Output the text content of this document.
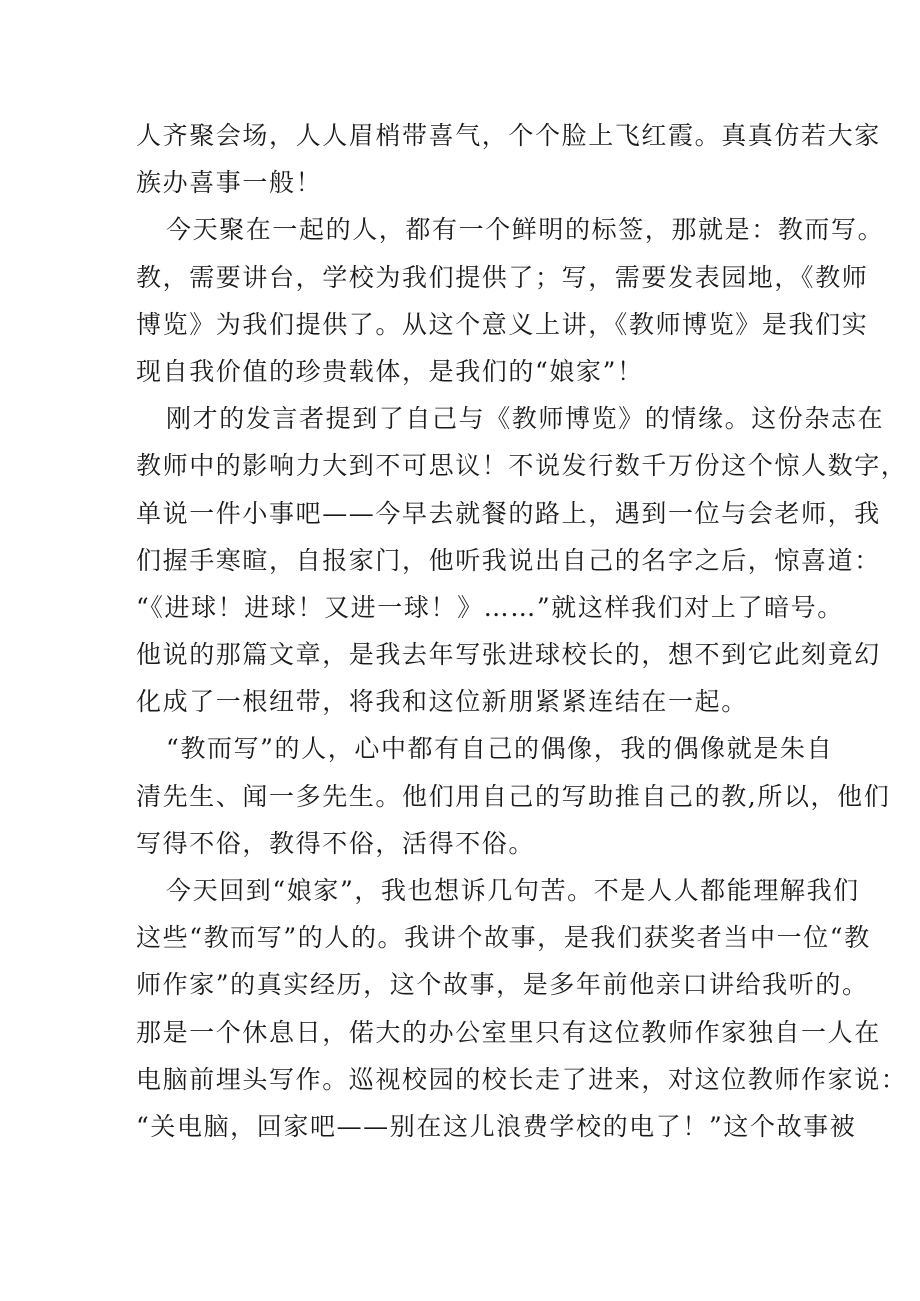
人齐聚会场，人人眉梢带喜气，个个脸上飞红霞。真真仿若大家
族办喜事一般！
今天聚在一起的人，都有一个鲜明的标签，那就是：教而写。
教，需要讲台，学校为我们提供了；写，需要发表园地，《教师
博览》为我们提供了。从这个意义上讲，《教师博览》是我们实
现自我价值的珍贵载体，是我们的“娘家”！
刚才的发言者提到了自己与《教师博览》的情缘。这份杂志在
教师中的影响力大到不可思议！不说发行数千万份这个惊人数字，
单说一件小事吧——今早去就餐的路上，遇到一位与会老师，我
们握手寒暄，自报家门，他听我说出自己的名字之后，惊喜道：
“《进球！进球！又进一球！》……”就这样我们对上了暗号。
他说的那篇文章，是我去年写张进球校长的，想不到它此刻竟幻
化成了一根纽带，将我和这位新朋紧紧连结在一起。
“教而写”的人，心中都有自己的偶像，我的偶像就是朱自
清先生、闻一多先生。他们用自己的写助推自己的教,所以，他们
写得不俗，教得不俗，活得不俗。
今天回到“娘家”，我也想诉几句苦。不是人人都能理解我们
这些“教而写”的人的。我讲个故事，是我们获奖者当中一位“教
师作家”的真实经历，这个故事，是多年前他亲口讲给我听的。
那是一个休息日，偌大的办公室里只有这位教师作家独自一人在
电脑前埋头写作。巡视校园的校长走了进来，对这位教师作家说：
“关电脑，回家吧——别在这儿浪费学校的电了！”这个故事被
